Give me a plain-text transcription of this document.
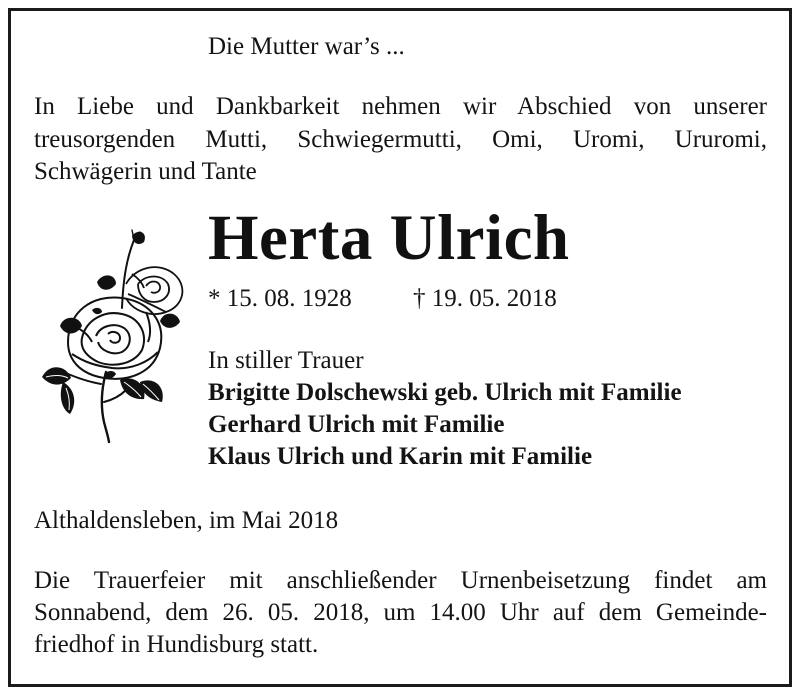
Die Mutter war’s ...
In Liebe und Dankbarkeit nehmen wir Abschied von unserer
treusorgenden Mutti, Schwiegermutti, Omi, Uromi, Ururomi,
Schwägerin und Tante
Herta Ulrich
* 15. 08. 1928 † 19. 05. 2018
In stiller Trauer
Brigitte Dolschewski geb. Ulrich mit Familie
Gerhard Ulrich mit Familie
Klaus Ulrich und Karin mit Familie
Althaldensleben, im Mai 2018
Die Trauerfeier mit anschließender Urnenbeisetzung findet am
Sonnabend, dem 26. 05. 2018, um 14.00 Uhr auf dem Gemeinde-
friedhof in Hundisburg statt.
